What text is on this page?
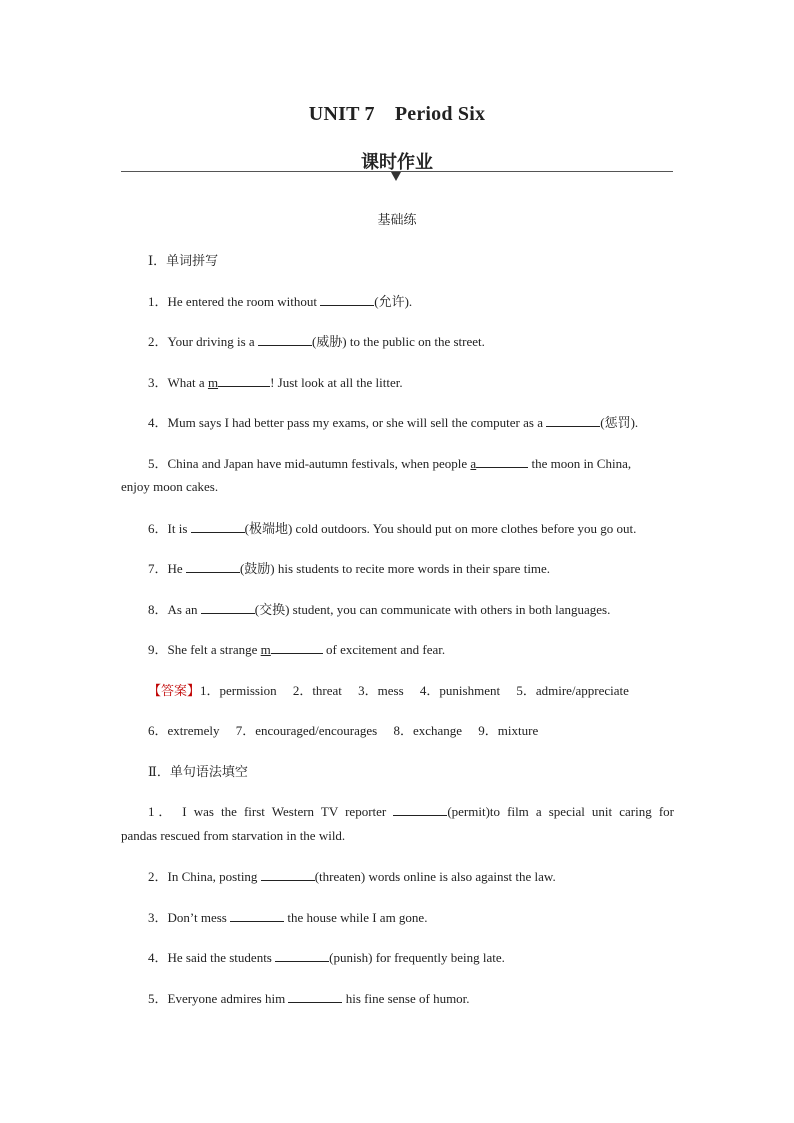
UNIT 7　Period Six
课时作业
基础练
Ⅰ．单词拼写
1．He entered the room without	(允许).
2．Your driving is a	(威胁) to the public on the street.
3．What a m	! Just look at all the litter.
4．Mum says I had better pass my exams, or she will sell the computer as a	(惩罚).
5．China and Japan have mid-autumn festivals, when people a	the moon in China,
enjoy moon cakes.
6．It is	(极端地) cold outdoors. You should put on more clothes before you go out.
7．He	(鼓励) his students to recite more words in their spare time.
8．As an	(交换) student, you can communicate with others in both languages.
9．She felt a strange m	of excitement and fear.
【答案】1．permission　 2．threat　 3．mess　 4．punishment　 5．admire/appreciate
6．extremely　 7．encouraged/encourages　 8．exchange　 9．mixture
Ⅱ．单句语法填空
1． I was the first Western TV reporter	(permit)to film a special unit caring for
pandas rescued from starvation in the wild.
2．In China, posting	(threaten) words online is also against the law.
3．Don’t mess	the house while I am gone.
4．He said the students	(punish) for frequently being late.
5．Everyone admires him	his fine sense of humor.
